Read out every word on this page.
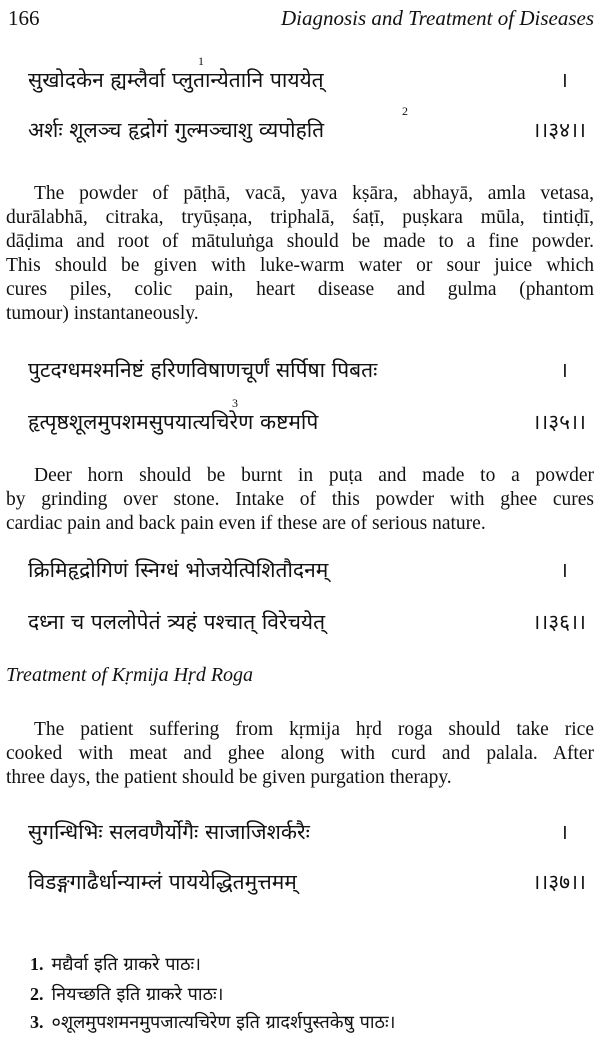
166	Diagnosis and Treatment of Diseases
1
सुखोदकेन ह्यम्लैर्वा प्लुतान्येतानि पाययेत्	।
2
अर्शः शूलञ्च हृद्रोगं गुल्मञ्चाशु व्यपोहति	।।३४।।
The powder of pāṭhā, vacā, yava kṣāra, abhayā, amla vetasa,
durālabhā, citraka, tryūṣaṇa, triphalā, śaṭī, puṣkara mūla, tintiḍī,
dāḍima and root of mātuluṅga should be made to a fine powder.
This should be given with luke-warm water or sour juice which
cures piles, colic pain, heart disease and gulma (phantom
tumour) instantaneously.
पुटदग्धमश्मनिष्टं हरिणविषाणचूर्णं सर्पिषा पिबतः	।
3
हृत्पृष्ठशूलमुपशमसुपयात्यचिरेण कष्टमपि	।।३५।।
Deer horn should be burnt in puṭa and made to a powder
by grinding over stone. Intake of this powder with ghee cures
cardiac pain and back pain even if these are of serious nature.
क्रिमिहृद्रोगिणं स्निग्धं भोजयेत्पिशितौदनम्	।
दध्ना च पललोपेतं त्र्यहं पश्चात् विरेचयेत्	।।३६।।
Treatment of Kṛmija Hṛd Roga
The patient suffering from kṛmija hṛd roga should take rice
cooked with meat and ghee along with curd and palala. After
three days, the patient should be given purgation therapy.
सुगन्धिभिः सलवणैर्योगैः साजाजिशर्करैः	।
विडङ्गगाढैर्धान्याम्लं पाययेद्धितमुत्तमम्	।।३७।।
1. मद्यैर्वा इति ग्राकरे पाठः।
2. नियच्छति इति ग्राकरे पाठः।
3. ०शूलमुपशमनमुपजात्यचिरेण इति ग्रादर्शपुस्तकेषु पाठः।
